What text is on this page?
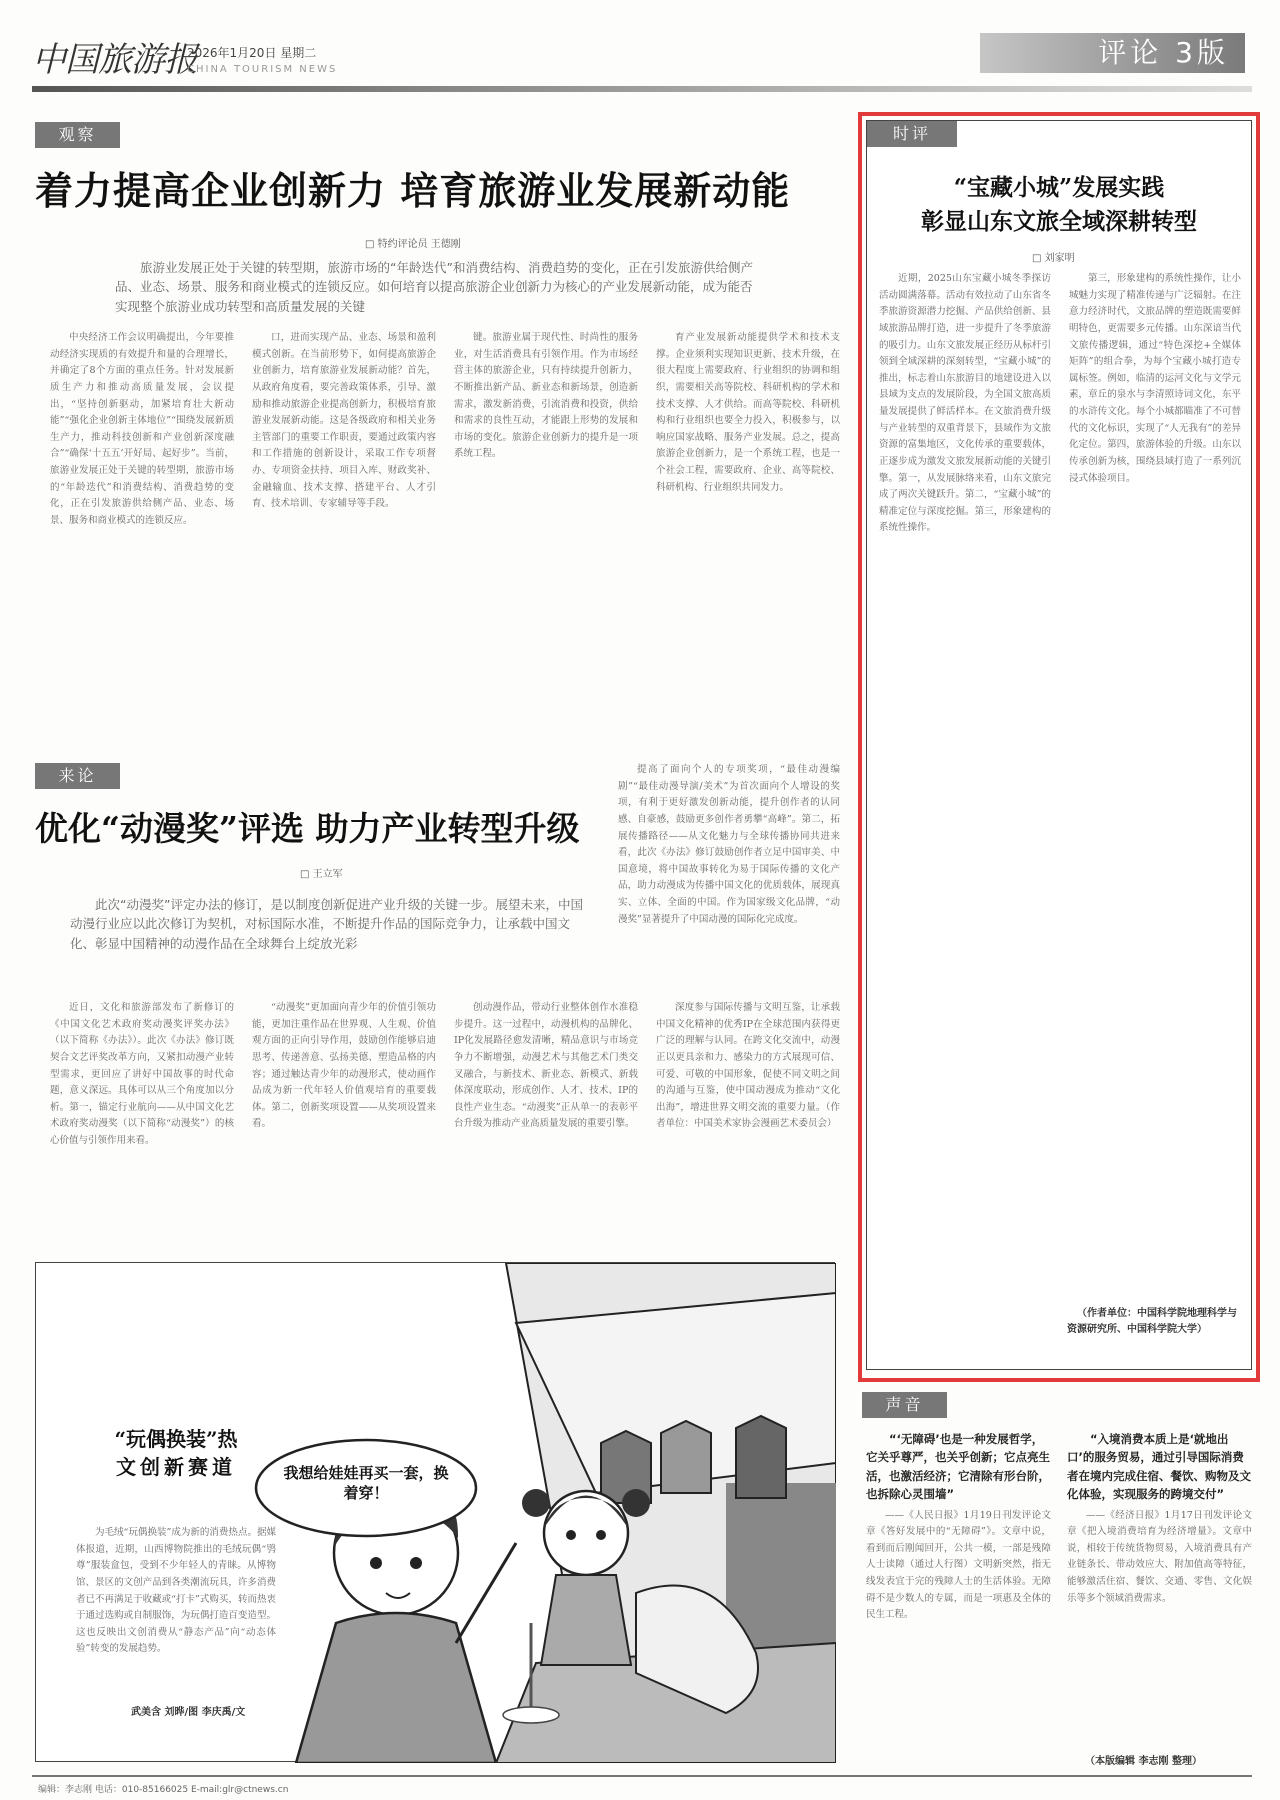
中国旅游报
2026年1月20日 星期二
CHINA TOURISM NEWS
评论 3版
观察
着力提高企业创新力 培育旅游业发展新动能
□ 特约评论员 王德刚
旅游业发展正处于关键的转型期，旅游市场的“年龄迭代”和消费结构、消费趋势的变化，正在引发旅游供给侧产品、业态、场景、服务和商业模式的连锁反应。如何培育以提高旅游企业创新力为核心的产业发展新动能，成为能否实现整个旅游业成功转型和高质量发展的关键

中央经济工作会议明确提出，今年要推动经济实现质的有效提升和量的合理增长，并确定了8个方面的重点任务。针对发展新质生产力和推动高质量发展，会议提出，“坚持创新驱动，加紧培育壮大新动能”“强化企业创新主体地位”“围绕发展新质生产力，推动科技创新和产业创新深度融合”“确保‘十五五’开好局、起好步”。当前，旅游业发展正处于关键的转型期，旅游市场的“年龄迭代”和消费结构、消费趋势的变化，正在引发旅游供给侧产品、业态、场景、服务和商业模式的连锁反应。

口，进而实现产品、业态、场景和盈利模式创新。在当前形势下，如何提高旅游企业创新力，培育旅游业发展新动能？首先，从政府角度看，要完善政策体系，引导、激励和推动旅游企业提高创新力，积极培育旅游业发展新动能。这是各级政府和相关业务主管部门的重要工作职责，要通过政策内容和工作措施的创新设计，采取工作专项督办、专项资金扶持、项目入库、财政奖补、金融输血、技术支撑、搭建平台、人才引育、技术培训、专家辅导等手段。

键。旅游业属于现代性、时尚性的服务业，对生活消费具有引领作用。作为市场经营主体的旅游企业，只有持续提升创新力，不断推出新产品、新业态和新场景，创造新需求，激发新消费，引流消费和投资，供给和需求的良性互动，才能跟上形势的发展和市场的变化。旅游企业创新力的提升是一项系统工程。

育产业发展新动能提供学术和技术支撑。企业须利实现知识更新、技术升级，在很大程度上需要政府、行业组织的协调和组织，需要相关高等院校、科研机构的学术和技术支撑、人才供给。而高等院校、科研机构和行业组织也要全力投入，积极参与，以响应国家战略、服务产业发展。总之，提高旅游企业创新力，是一个系统工程，也是一个社会工程，需要政府、企业、高等院校、科研机构、行业组织共同发力。

来论
优化“动漫奖”评选 助力产业转型升级
□ 王立军
此次“动漫奖”评定办法的修订，是以制度创新促进产业升级的关键一步。展望未来，中国动漫行业应以此次修订为契机，对标国际水准，不断提升作品的国际竞争力，让承载中国文化、彰显中国精神的动漫作品在全球舞台上绽放光彩

提高了面向个人的专项奖项，“最佳动漫编剧”“最佳动漫导演/美术”为首次面向个人增设的奖项，有利于更好激发创新动能，提升创作者的认同感、自豪感，鼓励更多创作者勇攀“高峰”。第二，拓展传播路径——从文化魅力与全球传播协同共进来看，此次《办法》修订鼓励创作者立足中国审美、中国意境，将中国故事转化为易于国际传播的文化产品，助力动漫成为传播中国文化的优质载体，展现真实、立体、全面的中国。作为国家级文化品牌，“动漫奖”显著提升了中国动漫的国际化完成度。

近日，文化和旅游部发布了新修订的《中国文化艺术政府奖动漫奖评奖办法》（以下简称《办法》）。此次《办法》修订既契合文艺评奖改革方向，又紧扣动漫产业转型需求，更回应了讲好中国故事的时代命题，意义深远。具体可以从三个角度加以分析。第一，锚定行业航向——从中国文化艺术政府奖动漫奖（以下简称“动漫奖”）的核心价值与引领作用来看。

“动漫奖”更加面向青少年的价值引领功能，更加注重作品在世界观、人生观、价值观方面的正向引导作用，鼓励创作能够启迪思考、传递善意、弘扬美德、塑造品格的内容；通过触达青少年的动漫形式，使动画作品成为新一代年轻人价值观培育的重要载体。第二，创新奖项设置——从奖项设置来看。

创动漫作品，带动行业整体创作水准稳步提升。这一过程中，动漫机构的品牌化、IP化发展路径愈发清晰，精品意识与市场竞争力不断增强，动漫艺术与其他艺术门类交叉融合，与新技术、新业态、新模式、新载体深度联动，形成创作、人才、技术、IP的良性产业生态。“动漫奖”正从单一的表彰平台升级为推动产业高质量发展的重要引擎。

深度参与国际传播与文明互鉴，让承载中国文化精神的优秀IP在全球范围内获得更广泛的理解与认同。在跨文化交流中，动漫正以更具亲和力、感染力的方式展现可信、可爱、可敬的中国形象，促使不同文明之间的沟通与互鉴，使中国动漫成为推动“文化出海”，增进世界文明交流的重要力量。（作者单位：中国美术家协会漫画艺术委员会）

时评
“宝藏小城”发展实践
彰显山东文旅全域深耕转型
□ 刘家明

近期，2025山东宝藏小城冬季探访活动圆满落幕。活动有效拉动了山东省冬季旅游资源潜力挖掘、产品供给创新、县域旅游品牌打造，进一步提升了冬季旅游的吸引力。山东文旅发展正经历从标杆引领到全域深耕的深刻转型，“宝藏小城”的推出，标志着山东旅游目的地建设进入以县域为支点的发展阶段，为全国文旅高质量发展提供了鲜活样本。在文旅消费升级与产业转型的双重背景下，县域作为文旅资源的富集地区，文化传承的重要载体，正逐步成为激发文旅发展新动能的关键引擎。第一，从发展脉络来看，山东文旅完成了两次关键跃升。第二，“宝藏小城”的精准定位与深度挖掘。第三，形象建构的系统性操作。

第三，形象建构的系统性操作，让小城魅力实现了精准传递与广泛辐射。在注意力经济时代，文旅品牌的塑造既需要鲜明特色，更需要多元传播。山东深谙当代文旅传播逻辑，通过“特色深挖+全媒体矩阵”的组合拳，为每个宝藏小城打造专属标签。例如，临清的运河文化与文学元素，章丘的泉水与李清照诗词文化，东平的水浒传文化。每个小城都瞄准了不可替代的文化标识，实现了“人无我有”的差异化定位。第四，旅游体验的升级。山东以传承创新为核，围绕县域打造了一系列沉浸式体验项目。

（作者单位：中国科学院地理科学与资源研究所、中国科学院大学）
声音
“‘无障碍’也是一种发展哲学，它关乎尊严，也关乎创新；它点亮生活，也激活经济；它清除有形台阶，也拆除心灵围墙”
——《人民日报》1月19日刊发评论文章《答好发展中的“无障碍”》。文章中说，看到而后刚闻回开，公共一模，一部是残障人士读障（通过人行图）文明新突然，指无线发表宜于完的残障人士的生活体验。无障碍不是少数人的专属，而是一项惠及全体的民生工程。
“入境消费本质上是‘就地出口’的服务贸易，通过引导国际消费者在境内完成住宿、餐饮、购物及文化体验，实现服务的跨境交付”
——《经济日报》1月17日刊发评论文章《把入境消费培育为经济增量》。文章中说，相较于传统货物贸易，入境消费具有产业链条长、带动效应大、附加值高等特征，能够激活住宿、餐饮、交通、零售、文化娱乐等多个领域消费需求。
（本版编辑 李志刚 整理）
我想给娃娃再买一套，换着穿！
“玩偶换装”热
文创新赛道

为毛绒“玩偶换装”成为新的消费热点。据媒体报道，近期，山西博物院推出的毛绒玩偶“鸮尊”服装盒包，受到不少年轻人的青睐。从博物馆、景区的文创产品到各类潮流玩具，许多消费者已不再满足于收藏或“打卡”式购买，转而热衷于通过选购或自制服饰，为玩偶打造百变造型。这也反映出文创消费从“静态产品”向“动态体验”转变的发展趋势。

武美含 刘晔/图 李庆禹/文
编辑：李志刚 电话：010-85166025 E-mail:glr@ctnews.cn
